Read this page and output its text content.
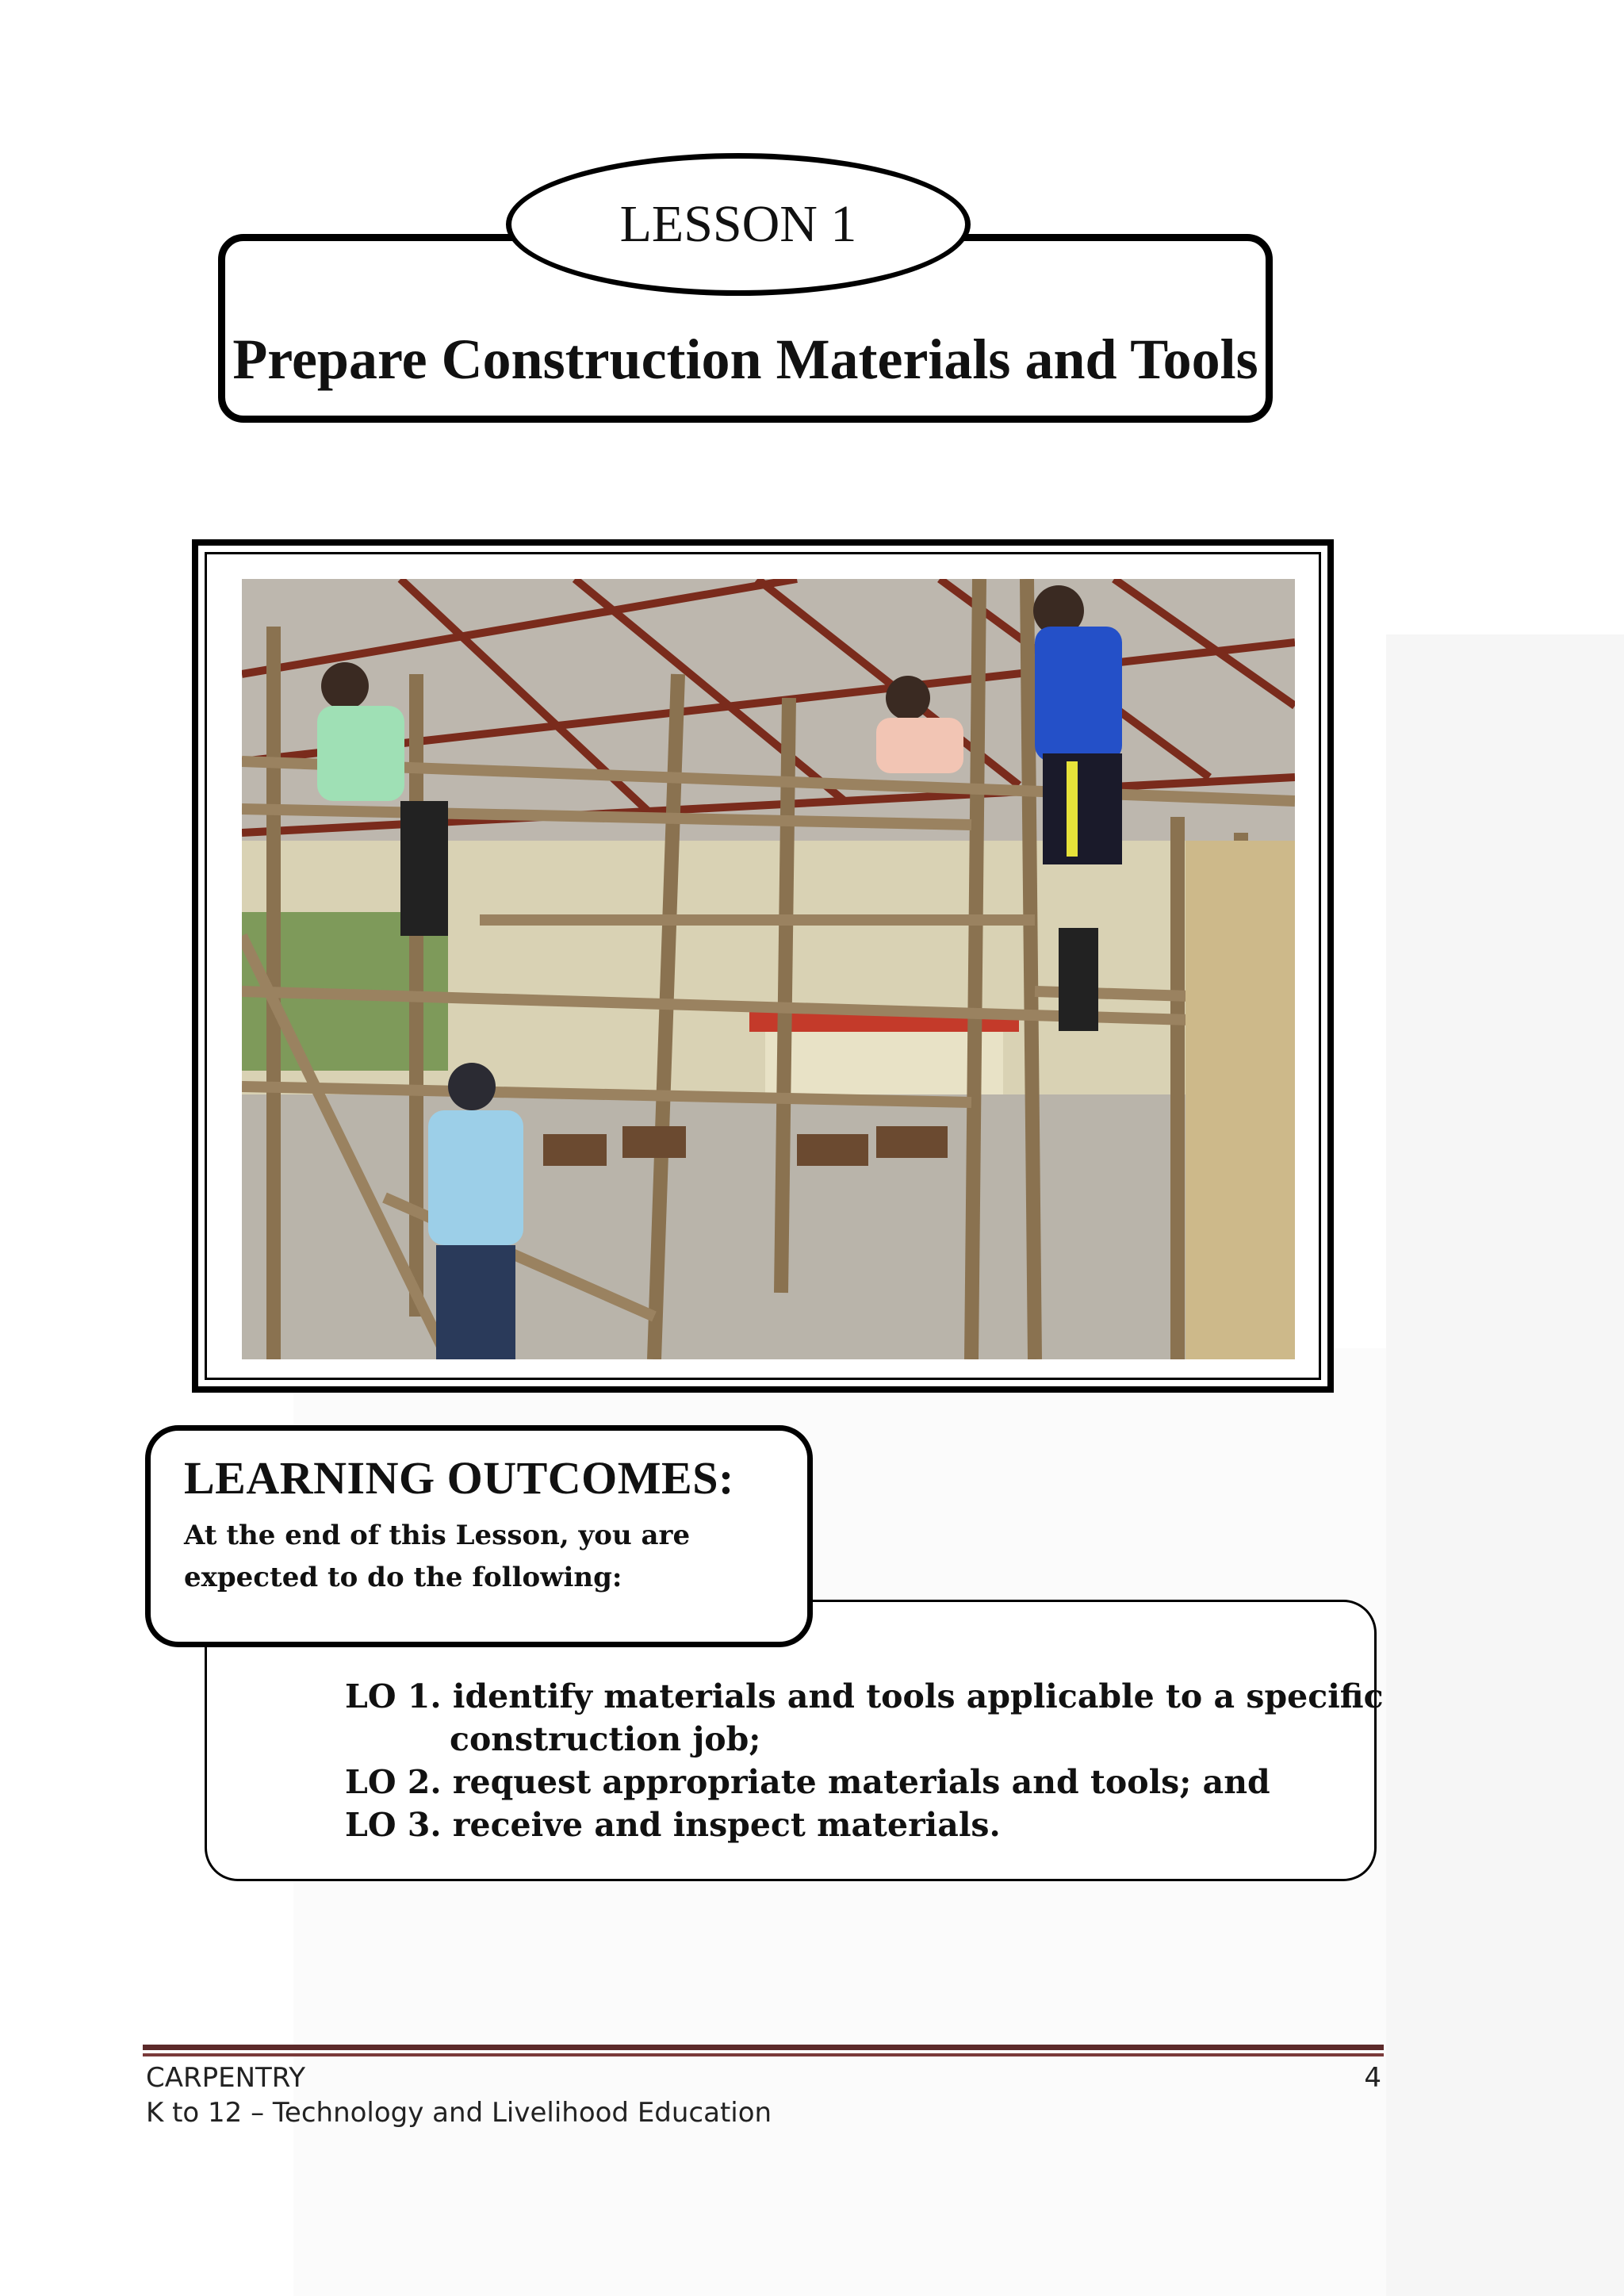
Prepare Construction Materials and Tools
LESSON 1
LEARNING OUTCOMES:
At the end of this Lesson, you are expected to do the following:
LO 1. identify materials and tools applicable to a specific
construction job;
LO 2. request appropriate materials and tools; and
LO 3. receive and inspect materials.
CARPENTRY
K to 12 – Technology and Livelihood Education
4
